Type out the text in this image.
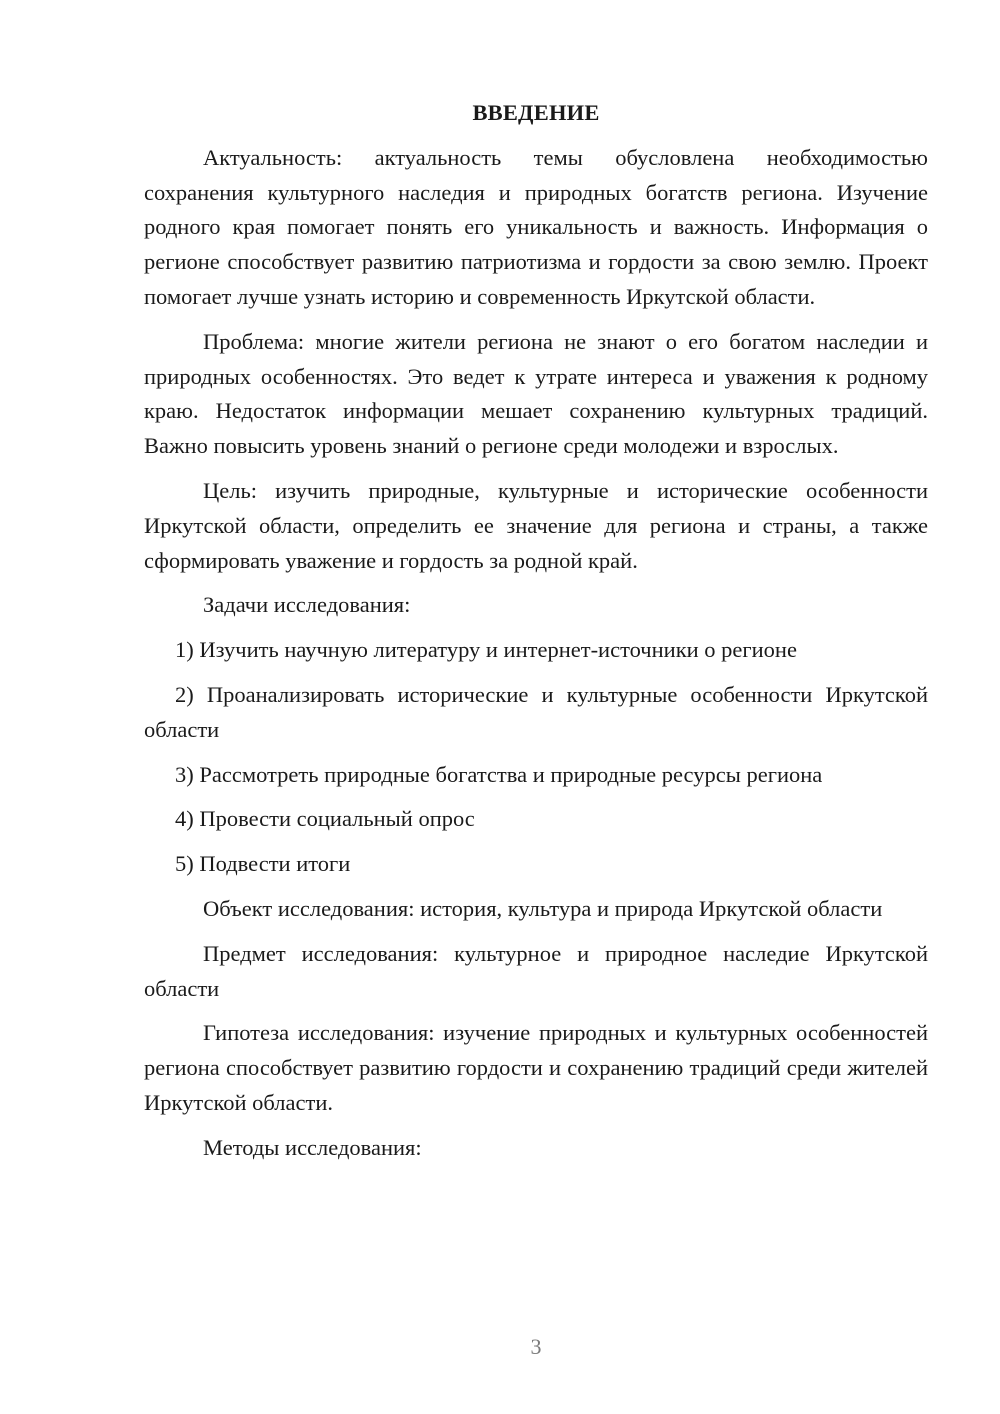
ВВЕДЕНИЕ
Актуальность: актуальность темы обусловлена необходимостью сохранения культурного наследия и природных богатств региона. Изучение родного края помогает понять его уникальность и важность. Информация о регионе способствует развитию патриотизма и гордости за свою землю. Проект помогает лучше узнать историю и современность Иркутской области.
Проблема: многие жители региона не знают о его богатом наследии и природных особенностях. Это ведет к утрате интереса и уважения к родному краю. Недостаток информации мешает сохранению культурных традиций. Важно повысить уровень знаний о регионе среди молодежи и взрослых.
Цель: изучить природные, культурные и исторические особенности Иркутской области, определить ее значение для региона и страны, а также сформировать уважение и гордость за родной край.
Задачи исследования:
1) Изучить научную литературу и интернет-источники о регионе
2) Проанализировать исторические и культурные особенности Иркутской области
3) Рассмотреть природные богатства и природные ресурсы региона
4) Провести социальный опрос
5) Подвести итоги
Объект исследования: история, культура и природа Иркутской области
Предмет исследования: культурное и природное наследие Иркутской области
Гипотеза исследования: изучение природных и культурных особенностей региона способствует развитию гордости и сохранению традиций среди жителей Иркутской области.
Методы исследования:
3
